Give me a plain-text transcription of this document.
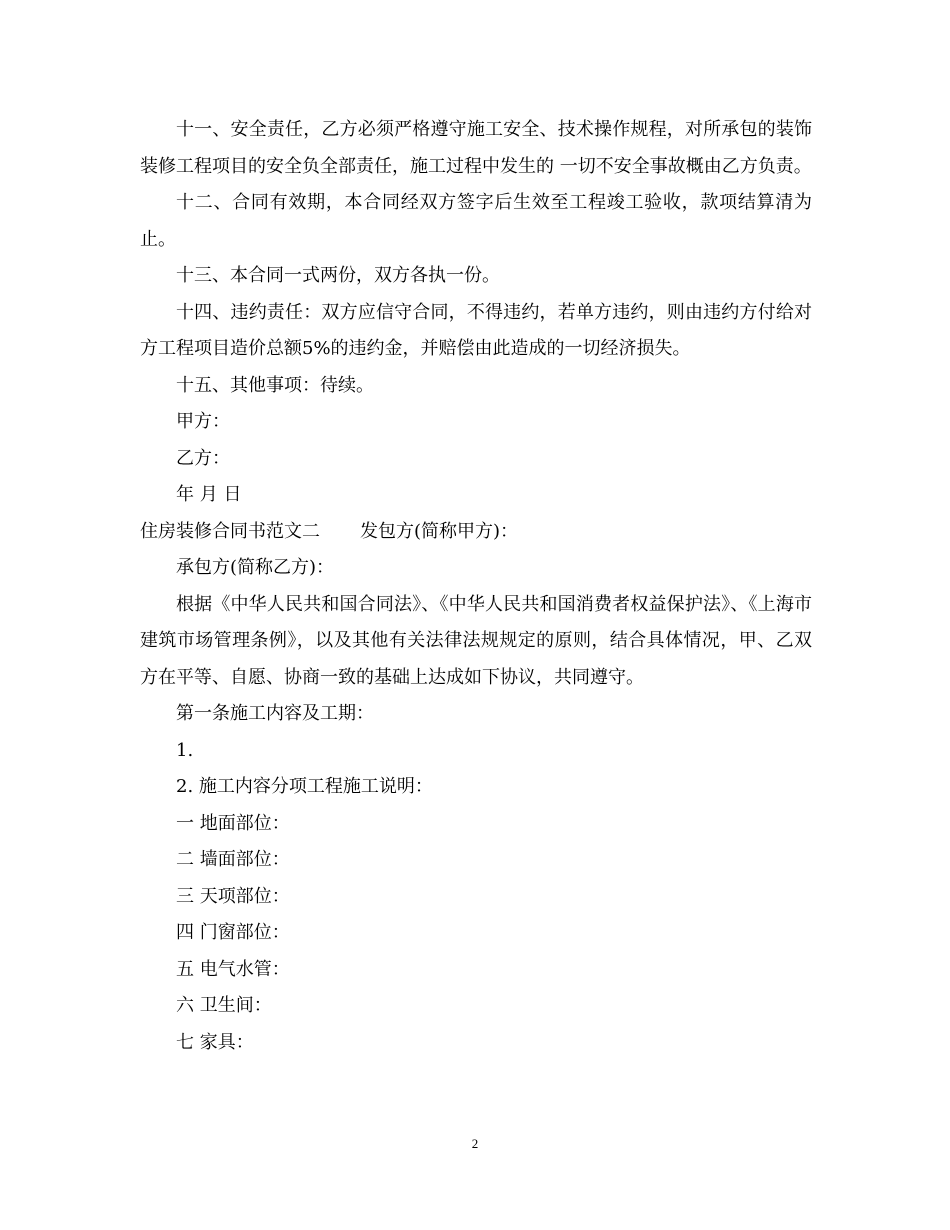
十一、安全责任，乙方必须严格遵守施工安全、技术操作规程，对所承包的装饰装修工程项目的安全负全部责任，施工过程中发生的 一切不安全事故概由乙方负责。

十二、合同有效期，本合同经双方签字后生效至工程竣工验收，款项结算清为止。

十三、本合同一式两份，双方各执一份。

十四、违约责任：双方应信守合同，不得违约，若单方违约，则由违约方付给对方工程项目造价总额5%的违约金，并赔偿由此造成的一切经济损失。

十五、其他事项：待续。

甲方：

乙方：

年 月 日

住房装修合同书范文二 发包方(简称甲方)：

承包方(简称乙方)：

根据《中华人民共和国合同法》、《中华人民共和国消费者权益保护法》、《上海市建筑市场管理条例》，以及其他有关法律法规规定的原则，结合具体情况，甲、乙双方在平等、自愿、协商一致的基础上达成如下协议，共同遵守。

第一条施工内容及工期：

1.

2. 施工内容分项工程施工说明：

一 地面部位：

二 墙面部位：

三 天项部位：

四 门窗部位：

五 电气水管：

六 卫生间：

七 家具：

2
